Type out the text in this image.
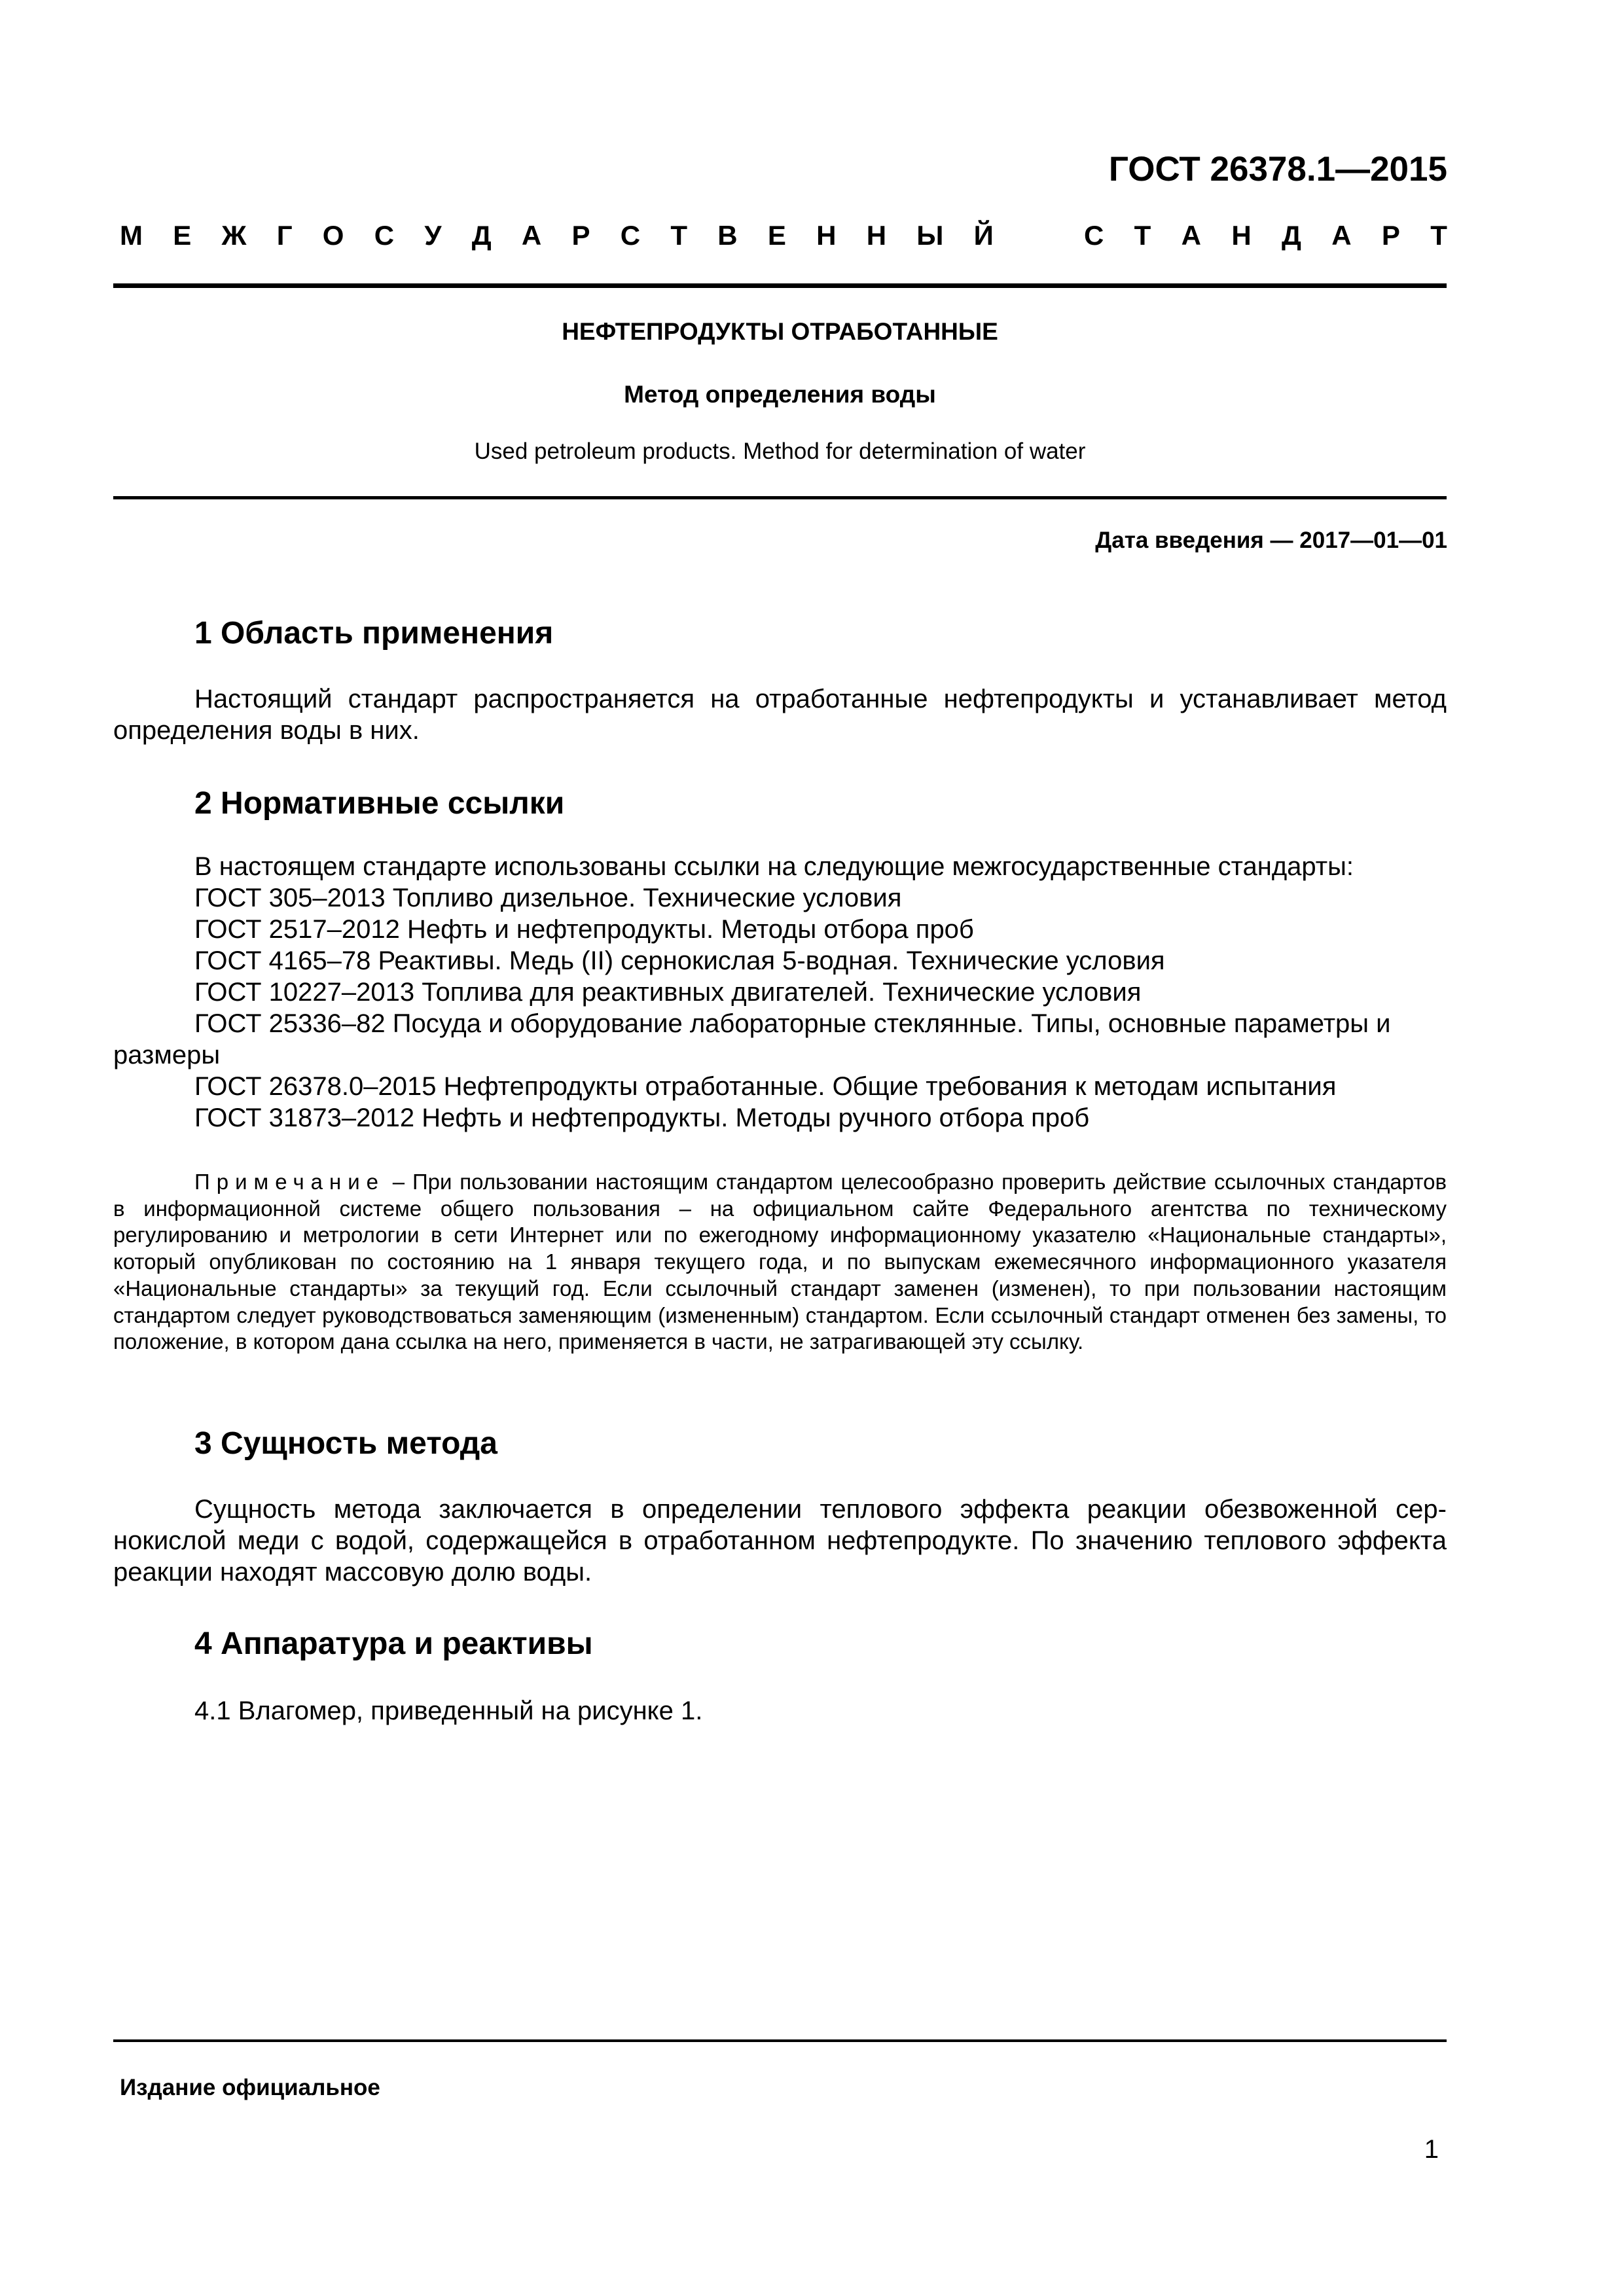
ГОСТ 26378.1—2015
М Е Ж Г О С У Д А Р С Т В Е Н Н Ы Й	С Т А Н Д А Р Т
НЕФТЕПРОДУКТЫ ОТРАБОТАННЫЕ
Метод определения воды
Used petroleum products. Method for determination of water
Дата введения — 2017—01—01
1 Область применения
Настоящий стандарт распространяется на отработанные нефтепродукты и устанавливает метод определения воды в них.
2 Нормативные ссылки
В настоящем стандарте использованы ссылки на следующие межгосударственные стандарты:
ГОСТ 305–2013 Топливо дизельное. Технические условия
ГОСТ 2517–2012 Нефть и нефтепродукты. Методы отбора проб
ГОСТ 4165–78 Реактивы. Медь (II) сернокислая 5-водная. Технические условия
ГОСТ 10227–2013 Топлива для реактивных двигателей. Технические условия
ГОСТ 25336–82 Посуда и оборудование лабораторные стеклянные. Типы, основные параметры и размеры
ГОСТ 26378.0–2015 Нефтепродукты отработанные. Общие требования к методам испытания
ГОСТ 31873–2012 Нефть и нефтепродукты. Методы ручного отбора проб
Примечание – При пользовании настоящим стандартом целесообразно проверить действие ссылочных стандартов в информационной системе общего пользования – на официальном сайте Федерального агентства по техническому регулированию и метрологии в сети Интернет или по ежегодному информационному указателю «Национальные стандарты», который опубликован по состоянию на 1 января текущего года, и по выпускам ежемесячного информационного указателя «Национальные стандарты» за текущий год. Если ссылочный стандарт заменен (изменен), то при пользовании настоящим стандартом следует руководствоваться заменяющим (измененным) стандартом. Если ссылочный стандарт отменен без замены, то положение, в котором дана ссылка на него, применяется в части, не затрагивающей эту ссылку.
3 Сущность метода
Сущность метода заключается в определении теплового эффекта реакции обезвоженной сернокислой меди с водой, содержащейся в отработанном нефтепродукте. По значению теплового эффекта реакции находят массовую долю воды.
4 Аппаратура и реактивы
4.1 Влагомер, приведенный на рисунке 1.
Издание официальное
1
